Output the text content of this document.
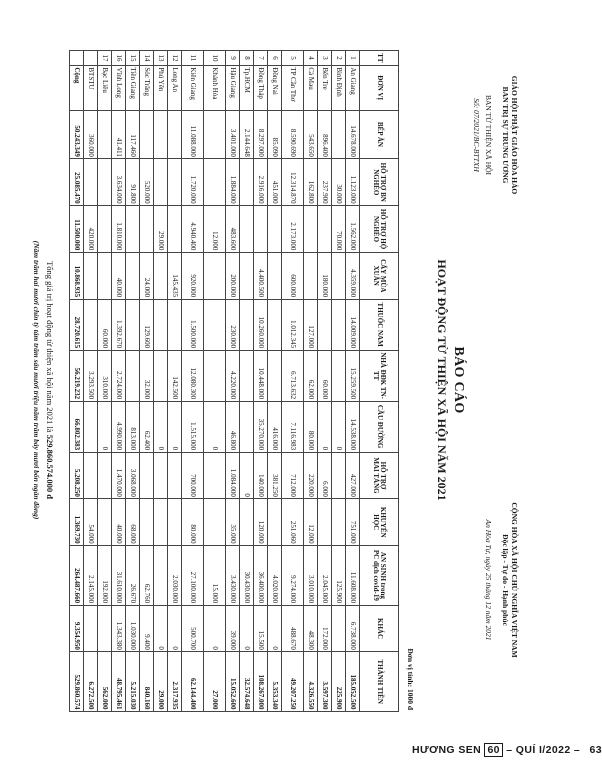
GIÁO HỘI PHẬT GIÁO HÒA HẢO
BAN TRỊ SỰ TRUNG ƯƠNG
BAN TỪ THIỆN XÃ HỘI
Số: 07/2021/BC-BTTXH
CỘNG HÒA XÃ HỘI CHỦ NGHĨA VIỆT NAM
Độc lập - Tự do - Hạnh phúc
An Hòa Tự, ngày 25 tháng 12 năm 2021
BÁO CÁO
HOẠT ĐỘNG TỪ THIỆN XÃ HỘI NĂM 2021
Đơn vị tính: 1000 đ
TT	ĐƠN VỊ	BẾP ĂN	HỖ TRỢ BN NGHÈO	HỖ TRỢ HỘ NGHÈO	CẤY MÙA XUÂN	THUỐC NAM	NHÀ ĐĐK TN-TT	CẦU ĐƯỜNG	HỖ TRỢ MAI TÁNG	KHUYẾN HỌC	AN SINH trong PC dịch covid-19	KHÁC	THÀNH TIỀN
1	An Giang	14.678.000	1.123.000	1.562.000	4.359.000	14.009.000	15.259.500	14.538.000	427.000	751.000	11.608.000	6.738.000	185.052.500
2	Bình Định		30.000	70.000				0			125.900		225.900
3	Bến Tre	896.400	237.900		180.000		60.000	0	6.000		2.045.000	172.000	3.597.300
4	Cà Mau	543.650	162.800			127.000	62.000	80.000	220.000	12.000	3.010.000	48.300	4.326.550
5	TP Cần Thơ	8.590.690	12.314.870	2.173.000	600.000	1.012.345	6.713.632	7.116.983	712.000	251.060	9.274.000	488.670	49.207.250
6	Đồng Nai	85.090	451.000					416.000	381.250		4.020.000	0	5.353.340
7	Đồng Tháp	8.297.000	2.916.000		4.400.500	10.260.000	10.448.000	35.270.000	140.000	120.000	36.400.000	15.500	108.267.000
8	Tp.HCM	2.144.648							0		30.430.000	0	32.574.648
9	Hậu Giang	3.401.000	1.884.000	483.600	200.000	230.000	4.220.000	46.800	1.084.000	35.000	3.430.000	39.000	15.052.600
10	Khánh Hòa			12.000				0			15.000	0	27.000
11	Kiên Giang	11.088.000	1.720.000	4.940.400	920.000	1.500.000	12.080.300	1.515.000	700.000	80.000	27.100.000	500.700	62.144.400
12	Long An				145.435		142.500	0			2.030.000	0	2.317.935
13	Phú Yên			29.000				0				0	29.000
14	Sóc Trăng		520.000		24.000	129.600	32.000	62.400			62.760	9.400	840.160
15	Tiền Giang	117.460	91.800					813.000	3.068.000	68.000	26.670	1.030.000	5.215.030
16	Vĩnh Long	41.411	3.634.000	1.810.000	40.000	1.392.670	2.724.000	4.990.000	1.470.000	40.000	31.610.000	1.343.380	48.795.461
17	Bạc Liêu					60.000	310.000	0			192.000		562.000
	BTSTU	360.000		420.000			3.293.500			54.000	2.145.000		6.272.500
	Cộng	50.243.349	25.085.470	11.500.000	10.868.935	28.720.615	56.219.232	66.802.383	5.208.250	1.369.730	264.487.660	9.354.950	529.860.574
Tổng giá trị hoạt động từ thiện xã hội năm 2021 là 529.860.574.000 đ
(Năm trăm hai mươi chín tỷ tám trăm sáu mươi triệu năm trăm bảy mươi bốn ngàn đồng)
HƯƠNG SEN 60 – QUÍ I/2022 – 63
